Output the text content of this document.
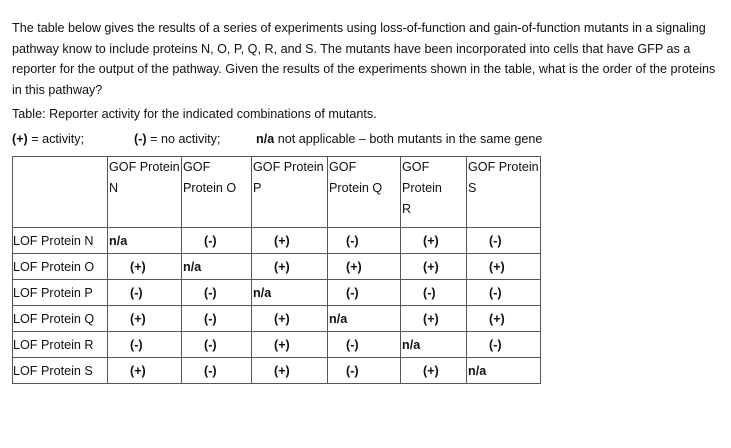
The table below gives the results of a series of experiments using loss-of-function and gain-of-function mutants in a signaling pathway know to include proteins N, O, P, Q, R, and S. The mutants have been incorporated into cells that have GFP as a reporter for the output of the pathway. Given the results of the experiments shown in the table, what is the order of the proteins in this pathway?

Table: Reporter activity for the indicated combinations of mutants.

(+) = activity;	(-) = no activity;	n/a not applicable – both mutants in the same gene
	GOF Protein N	GOF Protein O	GOF Protein P	GOF Protein Q	GOF Protein R	GOF Protein S
LOF Protein N	n/a	(-)	(+)	(-)	(+)	(-)
LOF Protein O	(+)	n/a	(+)	(+)	(+)	(+)
LOF Protein P	(-)	(-)	n/a	(-)	(-)	(-)
LOF Protein Q	(+)	(-)	(+)	n/a	(+)	(+)
LOF Protein R	(-)	(-)	(+)	(-)	n/a	(-)
LOF Protein S	(+)	(-)	(+)	(-)	(+)	n/a
